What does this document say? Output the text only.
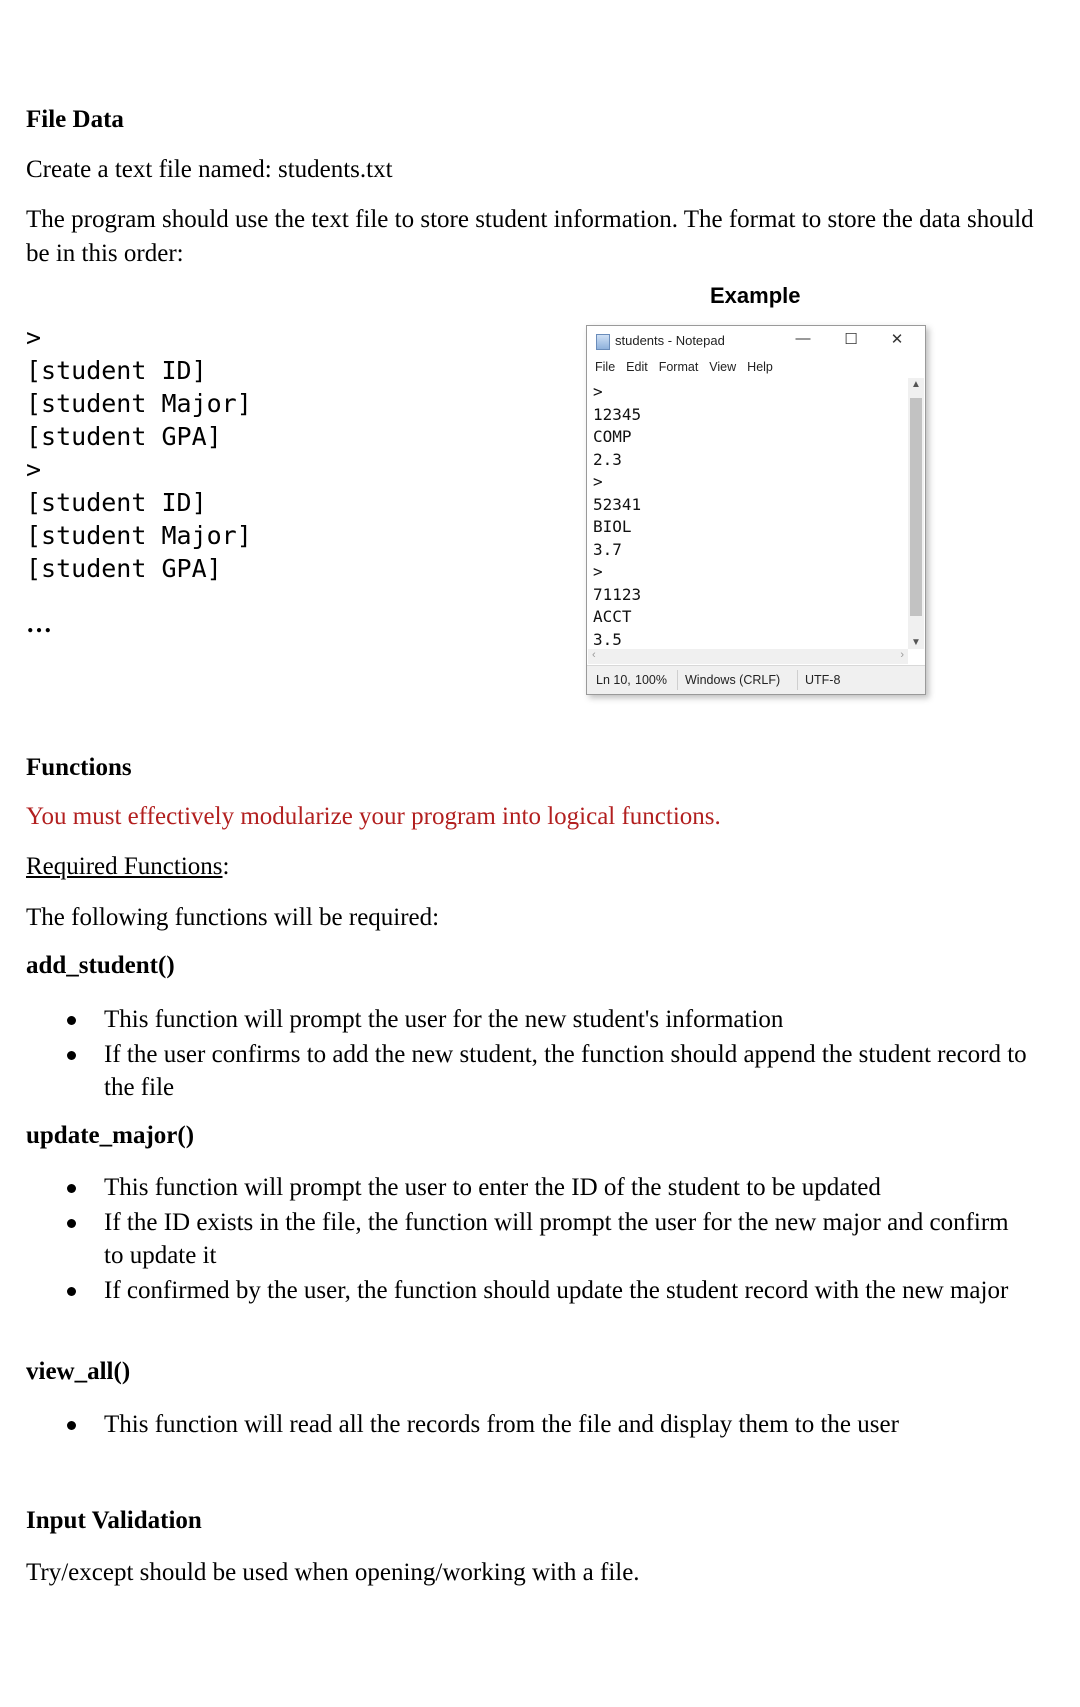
File Data
Create a text file named: students.txt
The program should use the text file to store student information. The format to store the data should be in this order:
>
[student ID]
[student Major]
[student GPA]
>
[student ID]
[student Major]
[student GPA]
…
Example
students - Notepad	— ☐ ✕
File Edit Format View Help
>
12345
COMP
2.3
>
52341
BIOL
3.7
>
71123
ACCT
3.5
▲
▼
‹	›
Ln 10, 100% Windows (CRLF) UTF-8
Functions
You must effectively modularize your program into logical functions.
Required Functions:
The following functions will be required:
add_student()
This function will prompt the user for the new student's information
If the user confirms to add the new student, the function should append the student record to the file
update_major()
This function will prompt the user to enter the ID of the student to be updated
If the ID exists in the file, the function will prompt the user for the new major and confirm to update it
If confirmed by the user, the function should update the student record with the new major
view_all()
This function will read all the records from the file and display them to the user
Input Validation
Try/except should be used when opening/working with a file.
